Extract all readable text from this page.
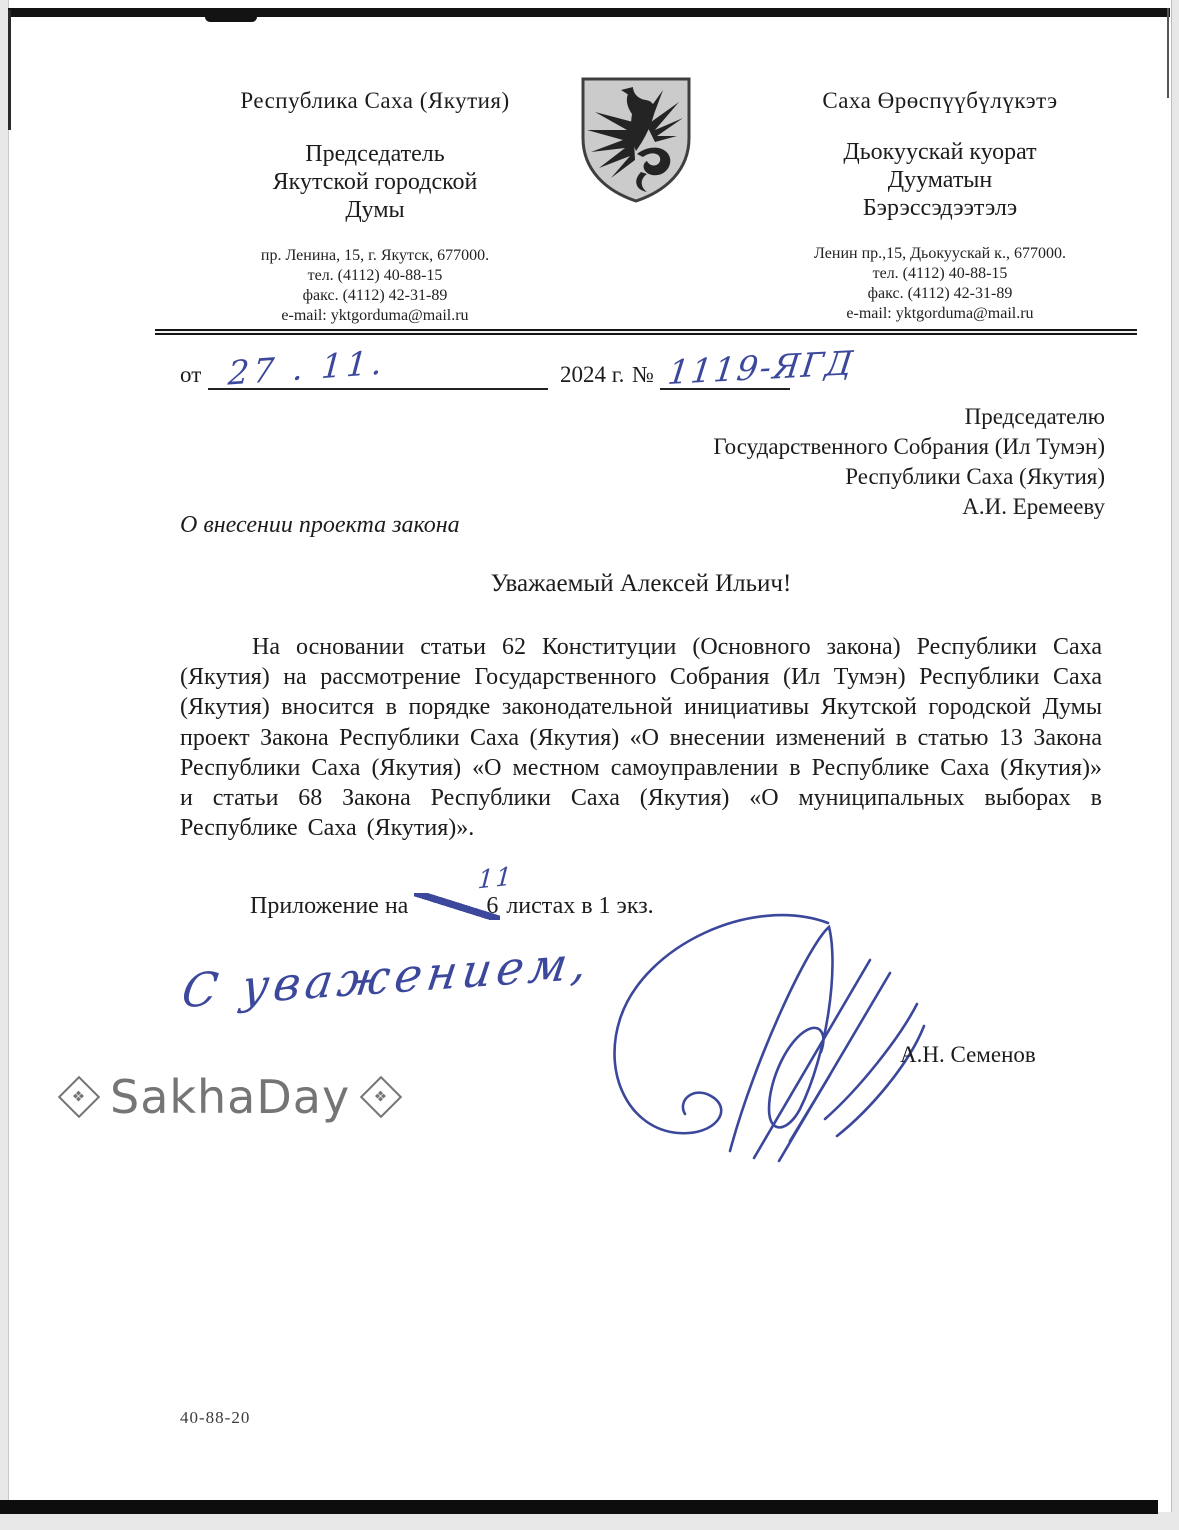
Республика Саха (Якутия)
Председатель
Якутской городской
Думы
пр. Ленина, 15, г. Якутск, 677000.
тел. (4112) 40-88-15
факс. (4112) 42-31-89
e-mail: yktgorduma@mail.ru
Саха Өрөспүүбүлүкэтэ
Дьокуускай куорат
Дууматын
Бэрэссэдээтэлэ
Ленин пр.,15, Дьокуускай к., 677000.
тел. (4112) 40-88-15
факс. (4112) 42-31-89
e-mail: yktgorduma@mail.ru
от 27 . 11.	2024 г. № 1119-ЯГД
Председателю
Государственного Собрания (Ил Тумэн)
Республики Саха (Якутия)
А.И. Еремееву
О внесении проекта закона
Уважаемый Алексей Ильич!
На основании статьи 62 Конституции (Основного закона) Республики Саха (Якутия) на рассмотрение Государственного Собрания (Ил Тумэн) Республики Саха (Якутия) вносится в порядке законодательной инициативы Якутской городской Думы проект Закона Республики Саха (Якутия) «О внесении изменений в статью 13 Закона Республики Саха (Якутия) «О местном самоуправлении в Республике Саха (Якутия)» и статьи 68 Закона Республики Саха (Якутия) «О муниципальных выборах в Республике Саха (Якутия)».
Приложение на	6
11
листах в 1 экз.
С уважением,
А.Н. Семенов
❖ SakhaDay ❖
40-88-20
